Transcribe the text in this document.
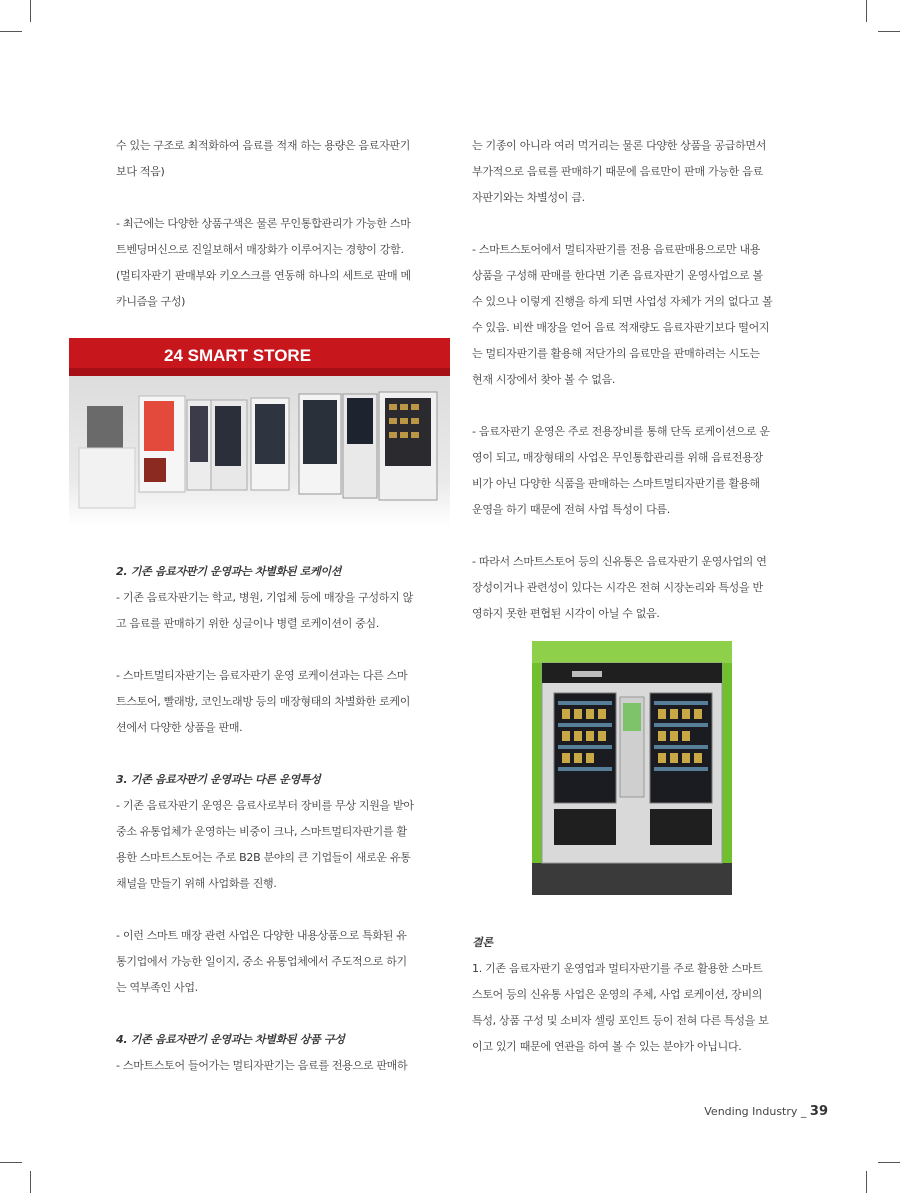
수 있는 구조로 최적화하여 음료를 적재 하는 용량은 음료자판기

보다 적음)

- 최근에는 다양한 상품구색은 물론 무인통합관리가 가능한 스마

트벤딩머신으로 진일보해서 매장화가 이루어지는 경향이 강함.

(멀티자판기 판매부와 키오스크를 연동해 하나의 세트로 판매 메

카니즘을 구성)

24 SMART STORE

2. 기존 음료자판기 운영과는 차별화된 로케이션

- 기존 음료자판기는 학교, 병원, 기업체 등에 매장을 구성하지 않

고 음료를 판매하기 위한 싱글이나 병렬 로케이션이 중심.

- 스마트멀티자판기는 음료자판기 운영 로케이션과는 다른 스마

트스토어, 빨래방, 코인노래방 등의 매장형태의 차별화한 로케이

션에서 다양한 상품을 판매.

3. 기존 음료자판기 운영과는 다른 운영특성

- 기존 음료자판기 운영은 음료사로부터 장비를 무상 지원을 받아

중소 유통업체가 운영하는 비중이 크나, 스마트멀티자판기를 활

용한 스마트스토어는 주로 B2B 분야의 큰 기업들이 새로운 유통

채널을 만들기 위해 사업화를 진행.

- 이런 스마트 매장 관련 사업은 다양한 내용상품으로 특화된 유

통기업에서 가능한 일이지, 중소 유통업체에서 주도적으로 하기

는 역부족인 사업.

4. 기존 음료자판기 운영과는 차별화된 상품 구성

- 스마트스토어 들어가는 멀티자판기는 음료를 전용으로 판매하

는 기종이 아니라 여러 먹거리는 물론 다양한 상품을 공급하면서

부가적으로 음료를 판매하기 때문에 음료만이 판매 가능한 음료

자판기와는 차별성이 큼.

- 스마트스토어에서 멀티자판기를 전용 음료판매용으로만 내용

상품을 구성해 판매를 한다면 기존 음료자판기 운영사업으로 볼

수 있으나 이렇게 진행을 하게 되면 사업성 자체가 거의 없다고 볼

수 있음. 비싼 매장을 얻어 음료 적재량도 음료자판기보다 떨어지

는 멀티자판기를 활용해 저단가의 음료만을 판매하려는 시도는

현재 시장에서 찾아 볼 수 없음.

- 음료자판기 운영은 주로 전용장비를 통해 단독 로케이션으로 운

영이 되고, 매장형태의 사업은 무인통합관리를 위해 음료전용장

비가 아닌 다양한 식품을 판매하는 스마트멀티자판기를 활용해

운영을 하기 때문에 전혀 사업 특성이 다름.

- 따라서 스마트스토어 등의 신유통은 음료자판기 운영사업의 연

장성이거나 관련성이 있다는 시각은 전혀 시장논리와 특성을 반

영하지 못한 편협된 시각이 아닐 수 없음.

결론

1. 기존 음료자판기 운영업과 멀티자판기를 주로 활용한 스마트

스토어 등의 신유통 사업은 운영의 주체, 사업 로케이션, 장비의

특성, 상품 구성 및 소비자 셀링 포인트 등이 전혀 다른 특성을 보

이고 있기 때문에 연관을 하여 볼 수 있는 분야가 아닙니다.

Vending Industry _ 39
